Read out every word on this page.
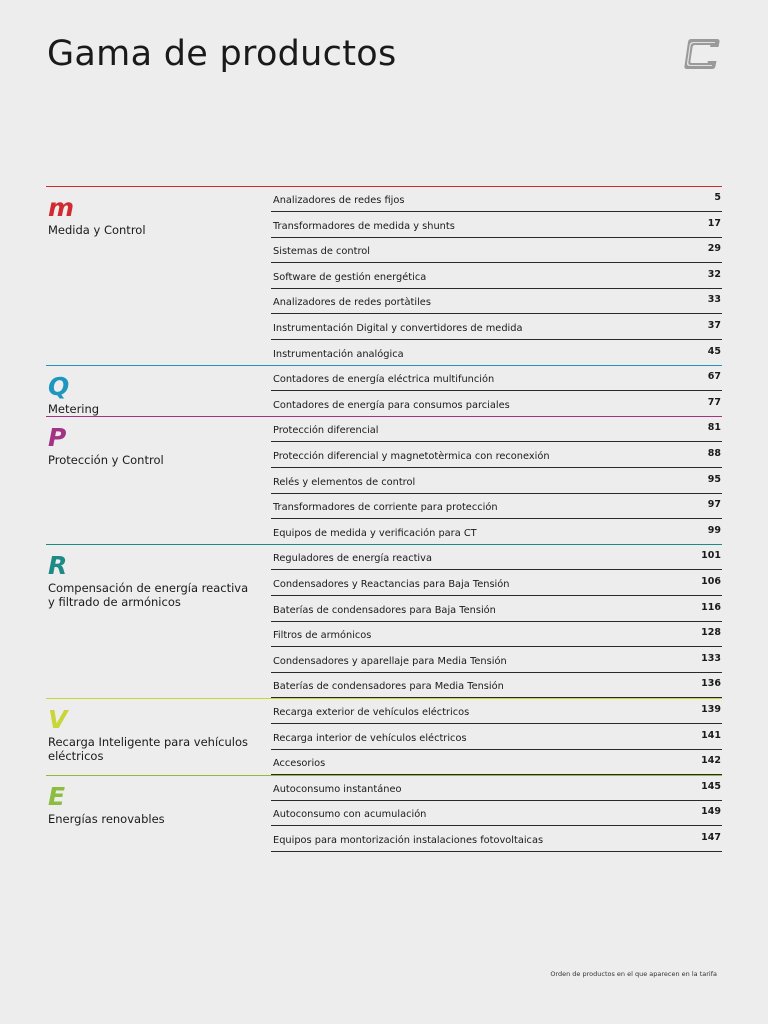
Gama de productos
m
Medida y Control
Analizadores de redes fijos	5
Transformadores de medida y shunts	17
Sistemas de control	29
Software de gestión energética	32
Analizadores de redes portàtiles	33
Instrumentación Digital y convertidores de medida	37
Instrumentación analógica	45
Q
Metering
Contadores de energía eléctrica multifunción	67
Contadores de energía para consumos parciales	77
P
Protección y Control
Protección diferencial	81
Protección diferencial y magnetotèrmica con reconexión	88
Relés y elementos de control	95
Transformadores de corriente para protección	97
Equipos de medida y verificación para CT	99
R
Compensación de energía reactiva y filtrado de armónicos
Reguladores de energía reactiva	101
Condensadores y Reactancias para Baja Tensión	106
Baterías de condensadores para Baja Tensión	116
Filtros de armónicos	128
Condensadores y aparellaje para Media Tensión	133
Baterías de condensadores para Media Tensión	136
V
Recarga Inteligente para vehículos eléctricos
Recarga exterior de vehículos eléctricos	139
Recarga interior de vehículos eléctricos	141
Accesorios	142
E
Energías renovables
Autoconsumo instantáneo	145
Autoconsumo con acumulación	149
Equipos para montorización instalaciones fotovoltaicas	147
Orden de productos en el que aparecen en la tarifa
